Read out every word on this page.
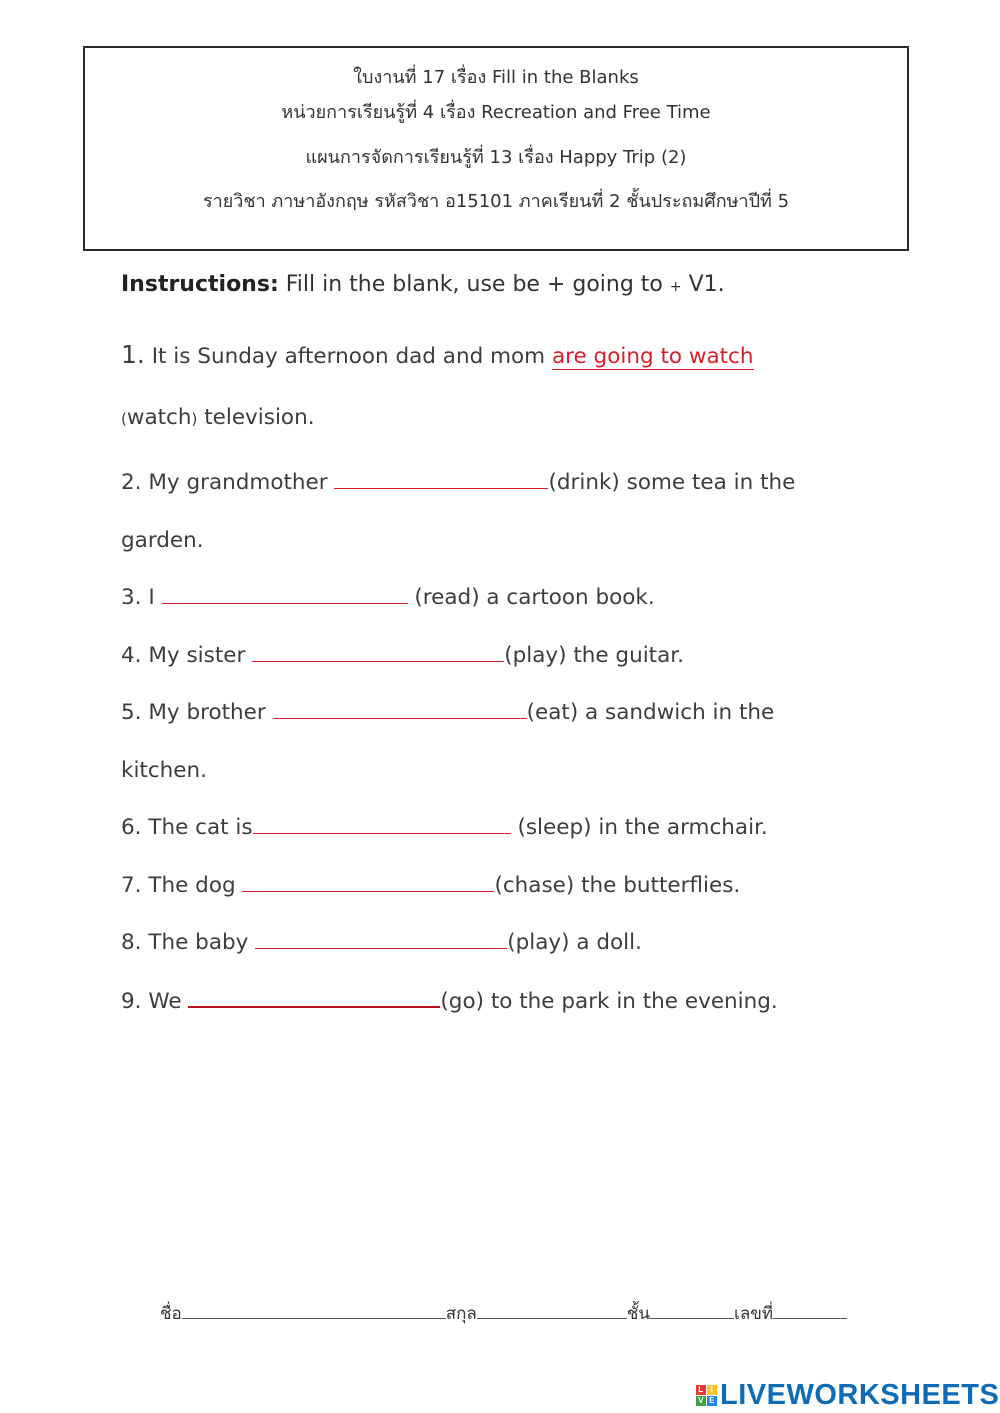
ใบงานที่ 17 เรื่อง Fill in the Blanks
หน่วยการเรียนรู้ที่ 4 เรื่อง Recreation and Free Time
แผนการจัดการเรียนรู้ที่ 13 เรื่อง Happy Trip (2)
รายวิชา ภาษาอังกฤษ รหัสวิชา อ15101 ภาคเรียนที่ 2 ชั้นประถมศึกษาปีที่ 5
Instructions: Fill in the blank, use be + going to + V1.
1. It is Sunday afternoon dad and mom are going to watch
(watch) television.
2. My grandmother	(drink) some tea in the
garden.
3. I	(read) a cartoon book.
4. My sister	(play) the guitar.
5. My brother	(eat) a sandwich in the
kitchen.
6. The cat is	(sleep) in the armchair.
7. The dog	(chase) the butterflies.
8. The baby	(play) a doll.
9. We	(go) to the park in the evening.
ชื่อ	สกุล	ชั้น	เลขที่
L I
V E LIVEWORKSHEETS
